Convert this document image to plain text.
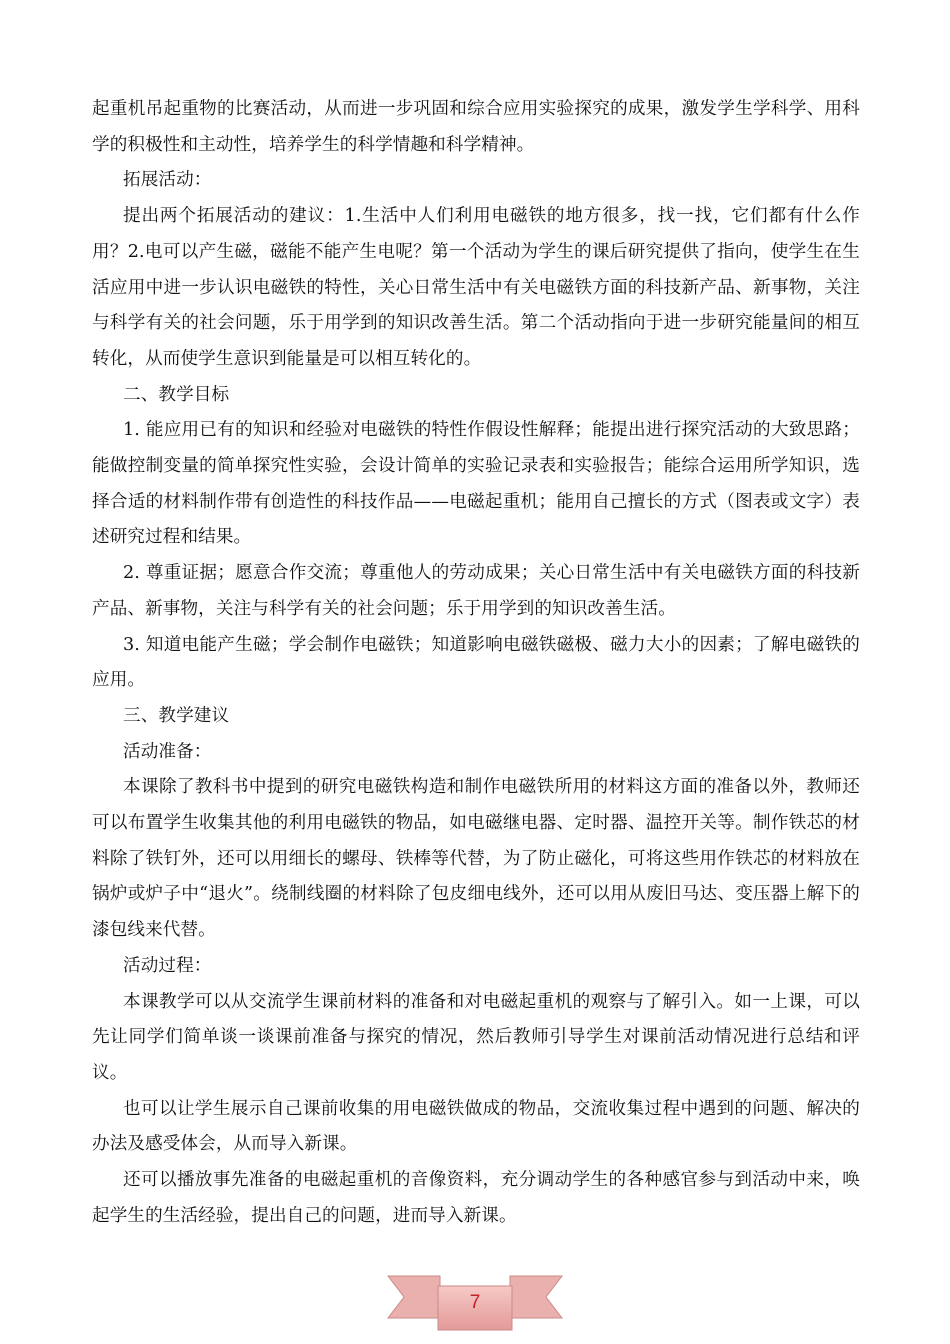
起重机吊起重物的比赛活动，从而进一步巩固和综合应用实验探究的成果，激发学生学科学、用科学的积极性和主动性，培养学生的科学情趣和科学精神。

拓展活动：

提出两个拓展活动的建议：1.生活中人们利用电磁铁的地方很多，找一找，它们都有什么作用？2.电可以产生磁，磁能不能产生电呢？第一个活动为学生的课后研究提供了指向，使学生在生活应用中进一步认识电磁铁的特性，关心日常生活中有关电磁铁方面的科技新产品、新事物，关注与科学有关的社会问题，乐于用学到的知识改善生活。第二个活动指向于进一步研究能量间的相互转化，从而使学生意识到能量是可以相互转化的。

二、教学目标

1. 能应用已有的知识和经验对电磁铁的特性作假设性解释；能提出进行探究活动的大致思路；能做控制变量的简单探究性实验，会设计简单的实验记录表和实验报告；能综合运用所学知识，选择合适的材料制作带有创造性的科技作品——电磁起重机；能用自己擅长的方式（图表或文字）表述研究过程和结果。

2. 尊重证据；愿意合作交流；尊重他人的劳动成果；关心日常生活中有关电磁铁方面的科技新产品、新事物，关注与科学有关的社会问题；乐于用学到的知识改善生活。

3. 知道电能产生磁；学会制作电磁铁；知道影响电磁铁磁极、磁力大小的因素；了解电磁铁的应用。

三、教学建议

活动准备：

本课除了教科书中提到的研究电磁铁构造和制作电磁铁所用的材料这方面的准备以外，教师还可以布置学生收集其他的利用电磁铁的物品，如电磁继电器、定时器、温控开关等。制作铁芯的材料除了铁钉外，还可以用细长的螺母、铁棒等代替，为了防止磁化，可将这些用作铁芯的材料放在锅炉或炉子中“退火”。绕制线圈的材料除了包皮细电线外，还可以用从废旧马达、变压器上解下的漆包线来代替。

活动过程：

本课教学可以从交流学生课前材料的准备和对电磁起重机的观察与了解引入。如一上课，可以先让同学们简单谈一谈课前准备与探究的情况，然后教师引导学生对课前活动情况进行总结和评议。

也可以让学生展示自己课前收集的用电磁铁做成的物品，交流收集过程中遇到的问题、解决的办法及感受体会，从而导入新课。

还可以播放事先准备的电磁起重机的音像资料，充分调动学生的各种感官参与到活动中来，唤起学生的生活经验，提出自己的问题，进而导入新课。

7
